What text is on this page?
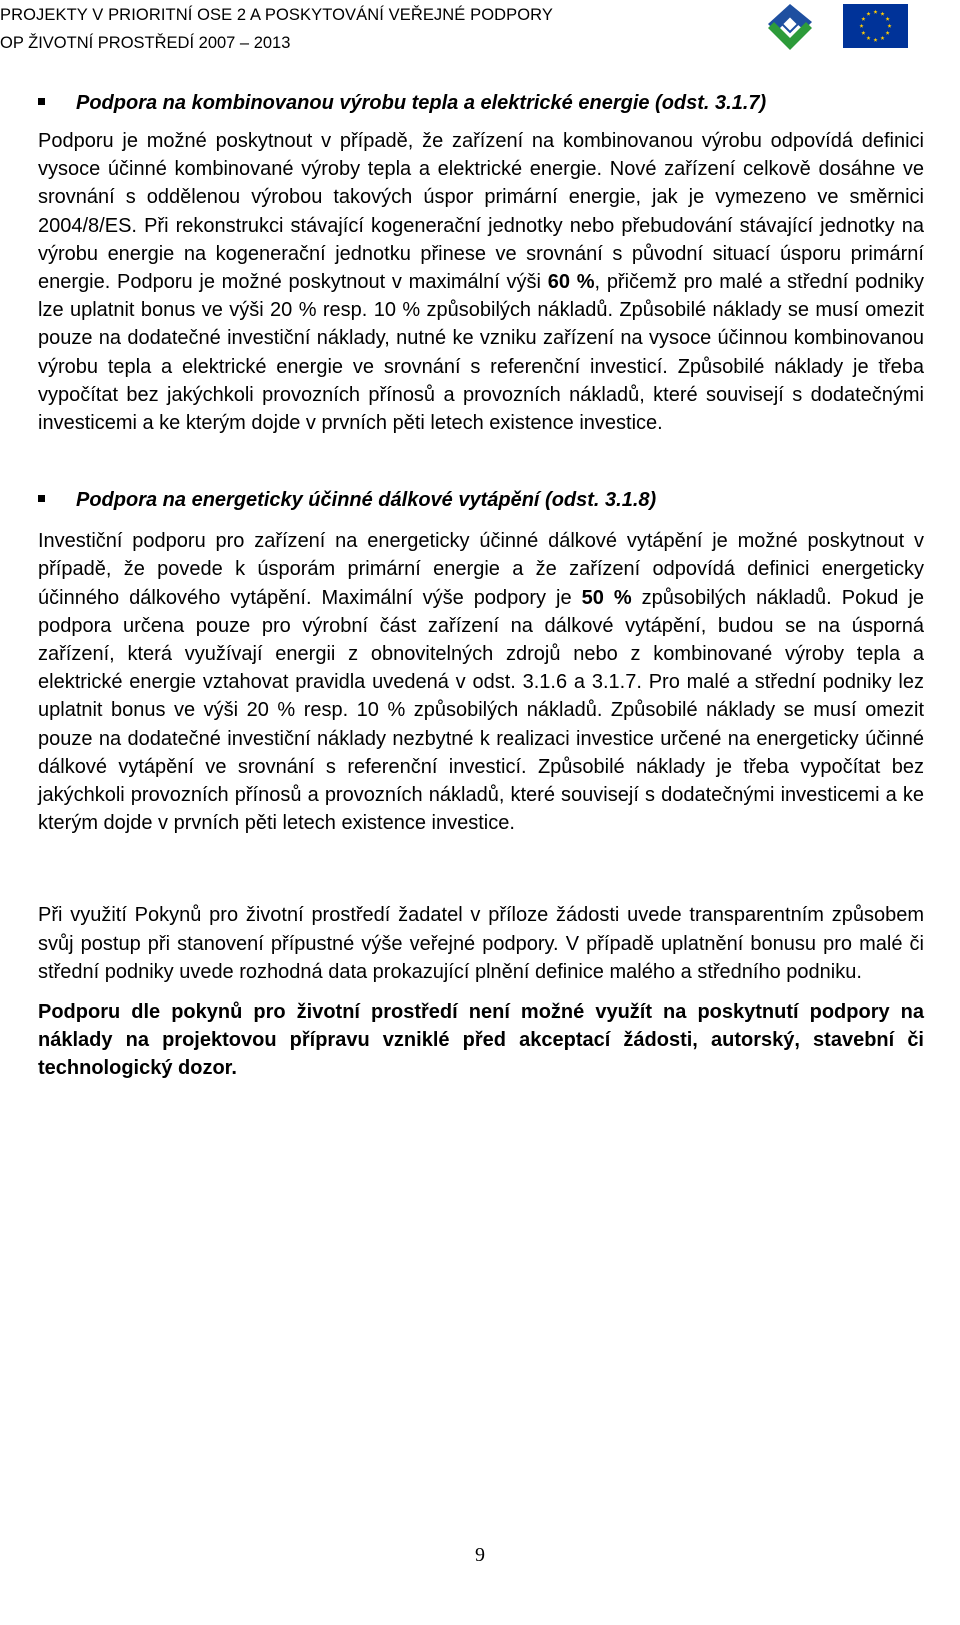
PROJEKTY V PRIORITNÍ OSE 2 A POSKYTOVÁNÍ VEŘEJNÉ PODPORY
OP ŽIVOTNÍ PROSTŘEDÍ 2007 – 2013
Podpora na kombinovanou výrobu tepla a elektrické energie (odst. 3.1.7)

Podporu je možné poskytnout v případě, že zařízení na kombinovanou výrobu odpovídá definici vysoce účinné kombinované výroby tepla a elektrické energie. Nové zařízení celkově dosáhne ve srovnání s oddělenou výrobou takových úspor primární energie, jak je vymezeno ve směrnici 2004/8/ES. Při rekonstrukci stávající kogenerační jednotky nebo přebudování stávající jednotky na výrobu energie na kogenerační jednotku přinese ve srovnání s původní situací úsporu primární energie. Podporu je možné poskytnout v maximální výši 60 %, přičemž pro malé a střední podniky lze uplatnit bonus ve výši 20 % resp. 10 % způsobilých nákladů. Způsobilé náklady se musí omezit pouze na dodatečné investiční náklady, nutné ke vzniku zařízení na vysoce účinnou kombinovanou výrobu tepla a elektrické energie ve srovnání s referenční investicí. Způsobilé náklady je třeba vypočítat bez jakýchkoli provozních přínosů a provozních nákladů, které souvisejí s dodatečnými investicemi a ke kterým dojde v prvních pěti letech existence investice.

Podpora na energeticky účinné dálkové vytápění (odst. 3.1.8)

Investiční podporu pro zařízení na energeticky účinné dálkové vytápění je možné poskytnout v případě, že povede k úsporám primární energie a že zařízení odpovídá definici energeticky účinného dálkového vytápění. Maximální výše podpory je 50 % způsobilých nákladů. Pokud je podpora určena pouze pro výrobní část zařízení na dálkové vytápění, budou se na úsporná zařízení, která využívají energii z obnovitelných zdrojů nebo z kombinované výroby tepla a elektrické energie vztahovat pravidla uvedená v odst. 3.1.6 a 3.1.7. Pro malé a střední podniky lez uplatnit bonus ve výši 20 % resp. 10 % způsobilých nákladů. Způsobilé náklady se musí omezit pouze na dodatečné investiční náklady nezbytné k realizaci investice určené na energeticky účinné dálkové vytápění ve srovnání s referenční investicí. Způsobilé náklady je třeba vypočítat bez jakýchkoli provozních přínosů a provozních nákladů, které souvisejí s dodatečnými investicemi a ke kterým dojde v prvních pěti letech existence investice.

Při využití Pokynů pro životní prostředí žadatel v příloze žádosti uvede transparentním způsobem svůj postup při stanovení přípustné výše veřejné podpory. V případě uplatnění bonusu pro malé či střední podniky uvede rozhodná data prokazující plnění definice malého a středního podniku.

Podporu dle pokynů pro životní prostředí není možné využít na poskytnutí podpory na náklady na projektovou přípravu vzniklé před akceptací žádosti, autorský, stavební či technologický dozor.

9
